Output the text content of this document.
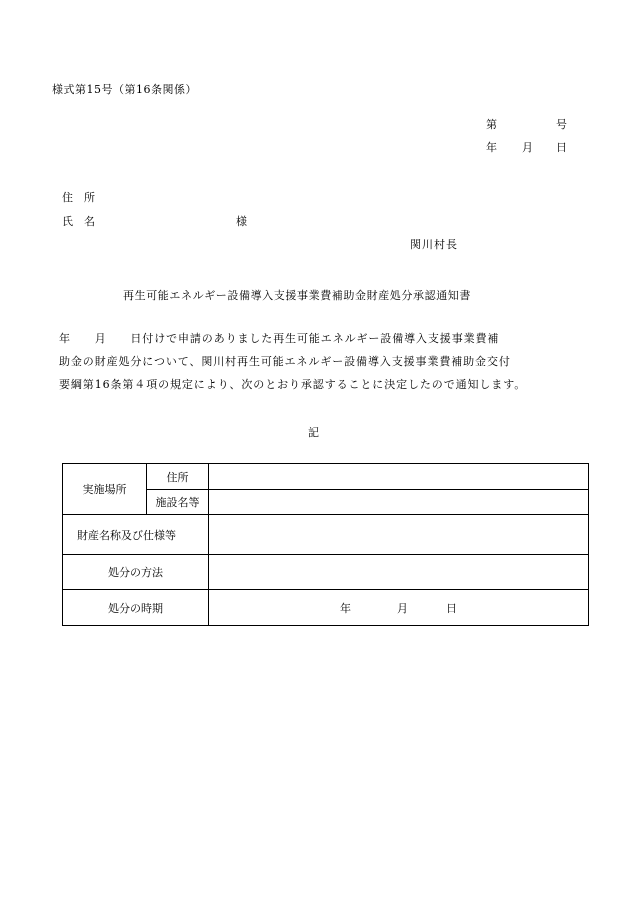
様式第15号（第16条関係）
第	号
年 月 日
住所
氏名	様
関川村長
再生可能エネルギー設備導入支援事業費補助金財産処分承認通知書
年　　月　　日付けで申請のありました再生可能エネルギー設備導入支援事業費補
助金の財産処分について、関川村再生可能エネルギー設備導入支援事業費補助金交付
要綱第16条第４項の規定により、次のとおり承認することに決定したので通知します。
記
実施場所	住所	
	施設名等	
財産名称及び仕様等		
処分の方法		
処分の時期		年 月 日
